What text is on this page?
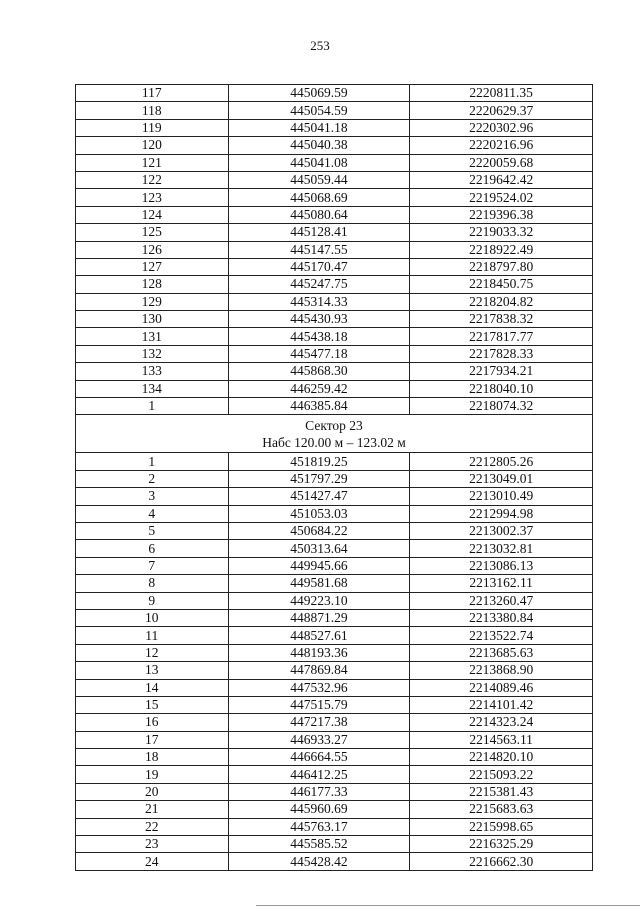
253
117	445069.59	2220811.35
118	445054.59	2220629.37
119	445041.18	2220302.96
120	445040.38	2220216.96
121	445041.08	2220059.68
122	445059.44	2219642.42
123	445068.69	2219524.02
124	445080.64	2219396.38
125	445128.41	2219033.32
126	445147.55	2218922.49
127	445170.47	2218797.80
128	445247.75	2218450.75
129	445314.33	2218204.82
130	445430.93	2217838.32
131	445438.18	2217817.77
132	445477.18	2217828.33
133	445868.30	2217934.21
134	446259.42	2218040.10
1	446385.84	2218074.32

Сектор 23
Нaбс 120.00 м – 123.02 м		

1	451819.25	2212805.26
2	451797.29	2213049.01
3	451427.47	2213010.49
4	451053.03	2212994.98
5	450684.22	2213002.37
6	450313.64	2213032.81
7	449945.66	2213086.13
8	449581.68	2213162.11
9	449223.10	2213260.47
10	448871.29	2213380.84
11	448527.61	2213522.74
12	448193.36	2213685.63
13	447869.84	2213868.90
14	447532.96	2214089.46
15	447515.79	2214101.42
16	447217.38	2214323.24
17	446933.27	2214563.11
18	446664.55	2214820.10
19	446412.25	2215093.22
20	446177.33	2215381.43
21	445960.69	2215683.63
22	445763.17	2215998.65
23	445585.52	2216325.29
24	445428.42	2216662.30
